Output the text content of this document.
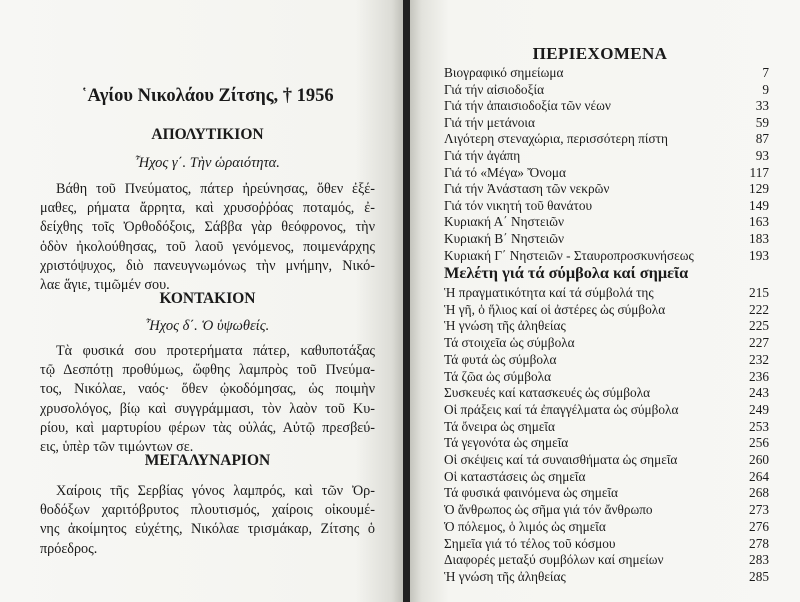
῾Αγίου Νικολάου Ζίτσης, † 1956
ΑΠΟΛΥΤΙΚΙΟΝ

Ἦχος γ΄. Τὴν ὡραιότητα.

Βάθη τοῦ Πνεύματος, πάτερ ἠρεύνησας, ὅθεν ἐξέ-
μαθες, ρήματα ἄρρητα, καὶ χρυσοῤῥόας ποταμός, ἐ-
δείχθης τοῖς Ὀρθοδόξοις, Σάββα γὰρ θεόφρονος, τὴν
ὁδὸν ἠκολούθησας, τοῦ λαοῦ γενόμενος, ποιμενάρχης
χριστόψυχος, διὸ πανευγνωμόνως τὴν μνήμην, Νικό-
λαε ἅγιε, τιμῶμέν σου.
ΚΟΝΤΑΚΙΟΝ

Ἦχος δ΄. Ὁ ὑψωθείς.

Τὰ φυσικά σου προτερήματα πάτερ, καθυποτάξας
τῷ Δεσπότῃ προθύμως, ὤφθης λαμπρὸς τοῦ Πνεύμα-
τος, Νικόλαε, ναός· ὅθεν ᾠκοδόμησας, ὡς ποιμὴν
χρυσολόγος, βίῳ καὶ συγγράμμασι, τὸν λαὸν τοῦ Κυ-
ρίου, καὶ μαρτυρίου φέρων τὰς οὐλάς, Αὐτῷ πρεσβεύ-
εις, ὑπὲρ τῶν τιμώντων σε.
ΜΕΓΑΛΥΝΑΡΙΟΝ
Χαίροις τῆς Σερβίας γόνος λαμπρός, καὶ τῶν Ὀρ-
θοδόξων χαριτόβρυτος πλουτισμός, χαίροις οἰκουμέ-
νης ἀκοίμητος εὐχέτης, Νικόλαε τρισμάκαρ, Ζίτσης ὁ
πρόεδρος.
ΠΕΡΙΕΧΟΜΕΝΑ
Βιογραφικό σημείωμα	7
Γιά τήν αἰσιοδοξία	9
Γιά τήν ἀπαισιοδοξία τῶν νέων	33
Γιά τήν μετάνοια	59
Λιγότερη στεναχώρια, περισσότερη πίστη	87
Γιά τήν ἀγάπη	93
Γιά τό «Μέγα» Ὄνομα	117
Γιά τήν Ἀνάσταση τῶν νεκρῶν	129
Γιά τόν νικητή τοῦ θανάτου	149
Κυριακή Α΄ Νηστειῶν	163
Κυριακή Β΄ Νηστειῶν	183
Κυριακή Γ΄ Νηστειῶν - Σταυροπροσκυνήσεως	193
Μελέτη γιά τά σύμβολα καί σημεῖα
Ἡ πραγματικότητα καί τά σύμβολά της	215
Ἡ γῆ, ὁ ἥλιος καί οἱ ἀστέρες ὡς σύμβολα	222
Ἡ γνώση τῆς ἀληθείας	225
Τά στοιχεῖα ὡς σύμβολα	227
Τά φυτά ὡς σύμβολα	232
Τά ζῶα ὡς σύμβολα	236
Συσκευές καί κατασκευές ὡς σύμβολα	243
Οἱ πράξεις καί τά ἐπαγγέλματα ὡς σύμβολα	249
Τά ὄνειρα ὡς σημεῖα	253
Τά γεγονότα ὡς σημεῖα	256
Οἱ σκέψεις καί τά συναισθήματα ὡς σημεῖα	260
Οἱ καταστάσεις ὡς σημεῖα	264
Τά φυσικά φαινόμενα ὡς σημεῖα	268
Ὁ ἄνθρωπος ὡς σῆμα γιά τόν ἄνθρωπο	273
Ὁ πόλεμος, ὁ λιμός ὡς σημεῖα	276
Σημεῖα γιά τό τέλος τοῦ κόσμου	278
Διαφορές μεταξύ συμβόλων καί σημείων	283
Ἡ γνώση τῆς ἀληθείας	285
